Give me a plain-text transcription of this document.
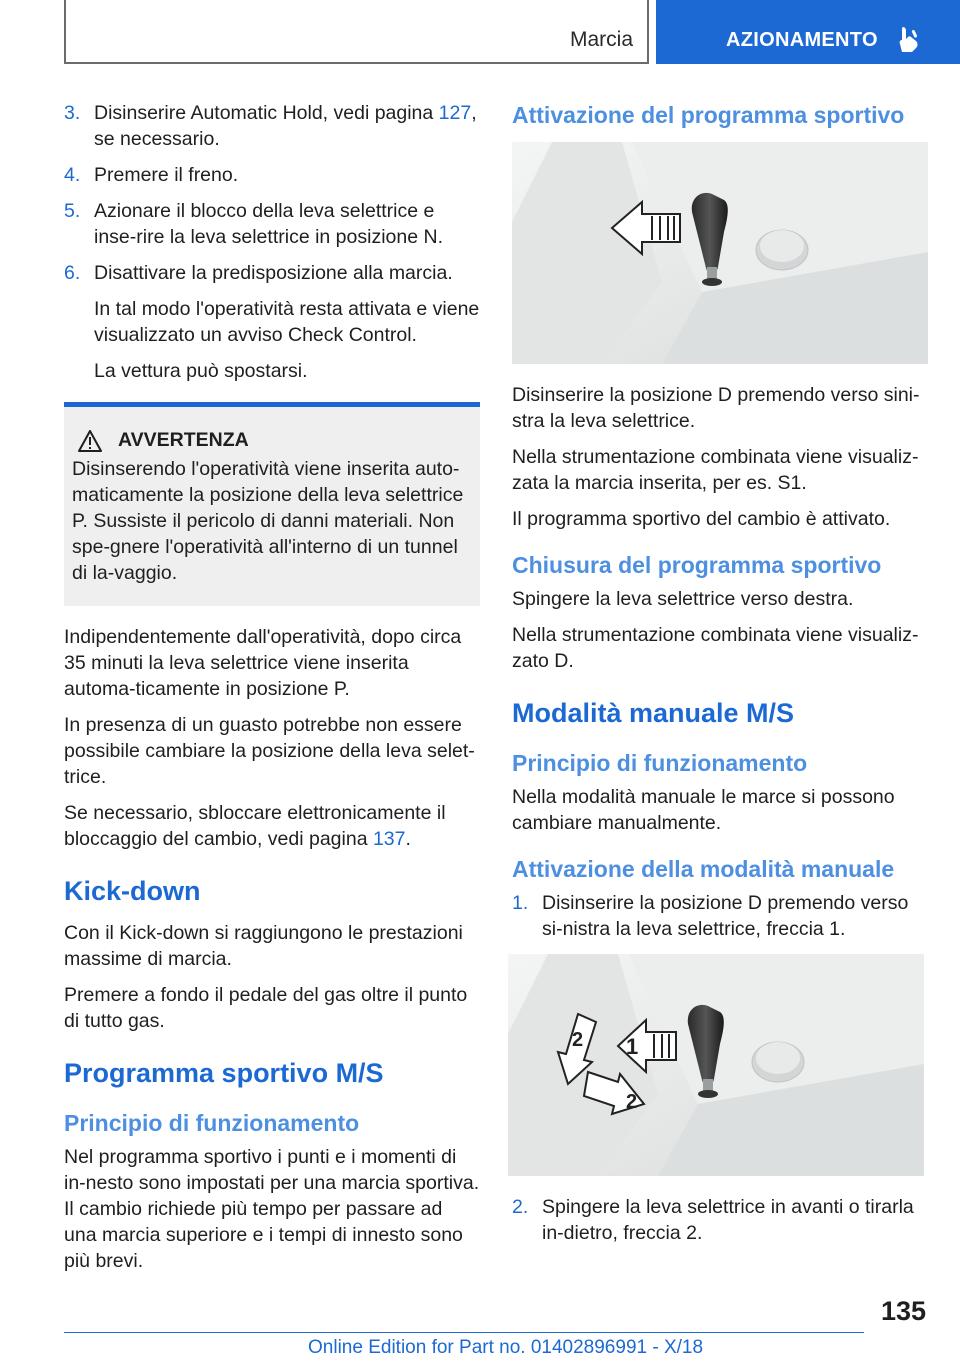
Marcia	AZIONAMENTO
3. Disinserire Automatic Hold, vedi pagina 127,
se necessario.
4. Premere il freno.
5. Azionare il blocco della leva selettrice e inse-rire la leva selettrice in posizione N.
6. Disattivare la predisposizione alla marcia.
In tal modo l'operatività resta attivata e viene visualizzato un avviso Check Control.
La vettura può spostarsi.
AVVERTENZA
Disinserendo l'operatività viene inserita auto-maticamente la posizione della leva selettrice P. Sussiste il pericolo di danni materiali. Non spe-gnere l'operatività all'interno di un tunnel di la-vaggio.
Indipendentemente dall'operatività, dopo circa 35 minuti la leva selettrice viene inserita automa-ticamente in posizione P.
In presenza di un guasto potrebbe non essere possibile cambiare la posizione della leva selet-trice.
Se necessario, sbloccare elettronicamente il bloccaggio del cambio, vedi pagina 137.
Kick-down
Con il Kick-down si raggiungono le prestazioni massime di marcia.
Premere a fondo il pedale del gas oltre il punto di tutto gas.
Programma sportivo M/S
Principio di funzionamento
Nel programma sportivo i punti e i momenti di in-nesto sono impostati per una marcia sportiva. Il cambio richiede più tempo per passare ad una marcia superiore e i tempi di innesto sono più brevi.
Attivazione del programma sportivo
Disinserire la posizione D premendo verso sini-stra la leva selettrice.
Nella strumentazione combinata viene visualiz-zata la marcia inserita, per es. S1.
Il programma sportivo del cambio è attivato.
Chiusura del programma sportivo
Spingere la leva selettrice verso destra.
Nella strumentazione combinata viene visualiz-zato D.
Modalità manuale M/S
Principio di funzionamento
Nella modalità manuale le marce si possono cambiare manualmente.
Attivazione della modalità manuale
1. Disinserire la posizione D premendo verso si-nistra la leva selettrice, freccia 1.
1
2
2
2. Spingere la leva selettrice in avanti o tirarla in-dietro, freccia 2.
135
Online Edition for Part no. 01402896991 - X/18
